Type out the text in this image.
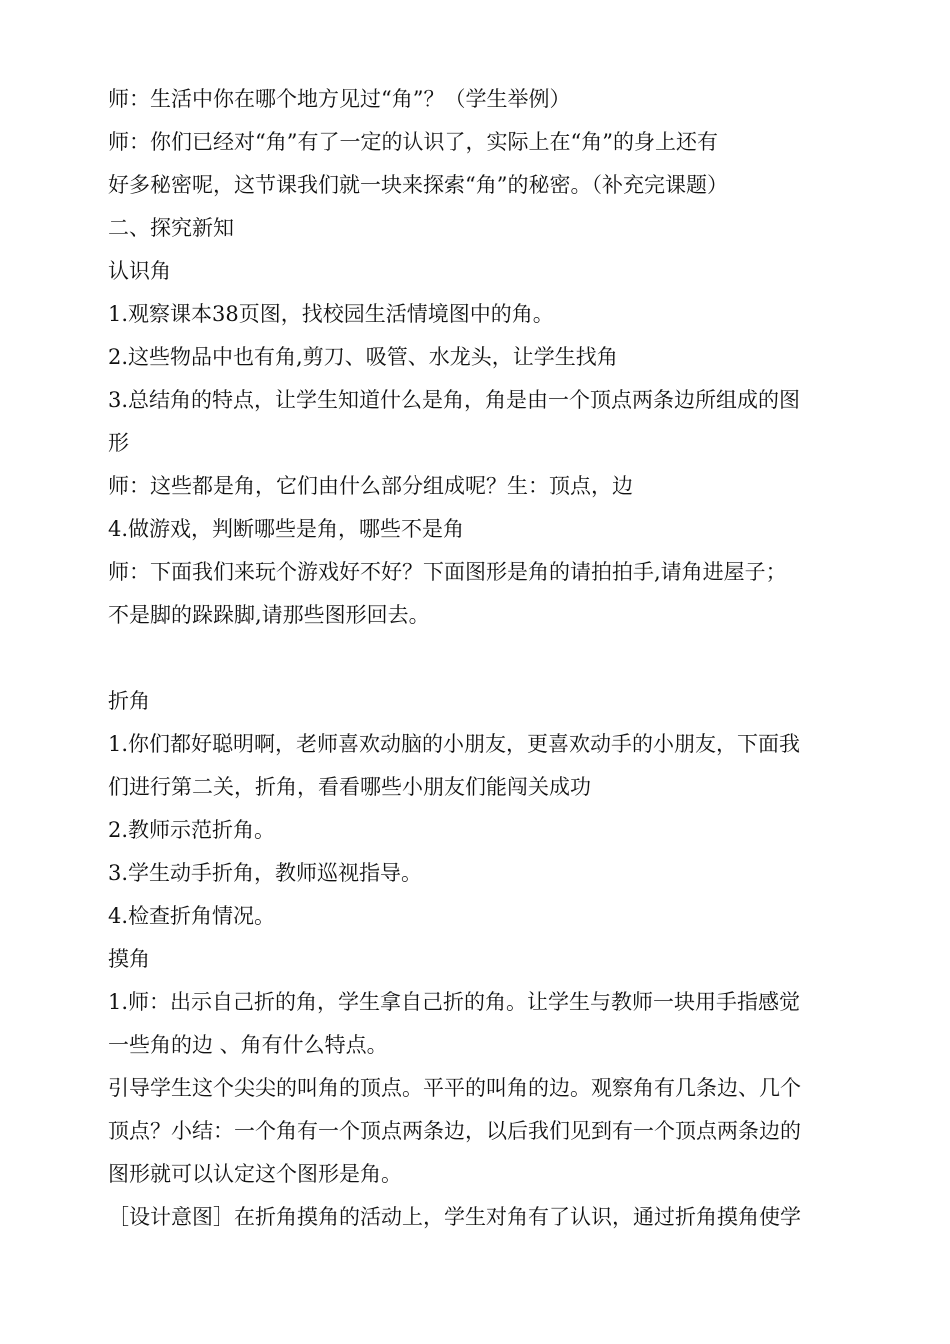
师：生活中你在哪个地方见过“角”？（学生举例）
师：你们已经对“角”有了一定的认识了，实际上在“角”的身上还有
好多秘密呢，这节课我们就一块来探索“角”的秘密。（补充完课题）
二、探究新知
认识角
1.观察课本38页图，找校园生活情境图中的角。
2.这些物品中也有角,剪刀、吸管、水龙头，让学生找角
3.总结角的特点，让学生知道什么是角，角是由一个顶点两条边所组成的图
形
师：这些都是角，它们由什么部分组成呢？生：顶点，边
4.做游戏，判断哪些是角，哪些不是角
师：下面我们来玩个游戏好不好？下面图形是角的请拍拍手,请角进屋子；
不是脚的跺跺脚,请那些图形回去。
折角
1.你们都好聪明啊，老师喜欢动脑的小朋友，更喜欢动手的小朋友，下面我
们进行第二关，折角，看看哪些小朋友们能闯关成功
2.教师示范折角。
3.学生动手折角，教师巡视指导。
4.检查折角情况。
摸角
1.师：出示自己折的角，学生拿自己折的角。让学生与教师一块用手指感觉
一些角的边 、角有什么特点。
引导学生这个尖尖的叫角的顶点。平平的叫角的边。观察角有几条边、几个
顶点？小结：一个角有一个顶点两条边，以后我们见到有一个顶点两条边的
图形就可以认定这个图形是角。
［设计意图］在折角摸角的活动上，学生对角有了认识，通过折角摸角使学
